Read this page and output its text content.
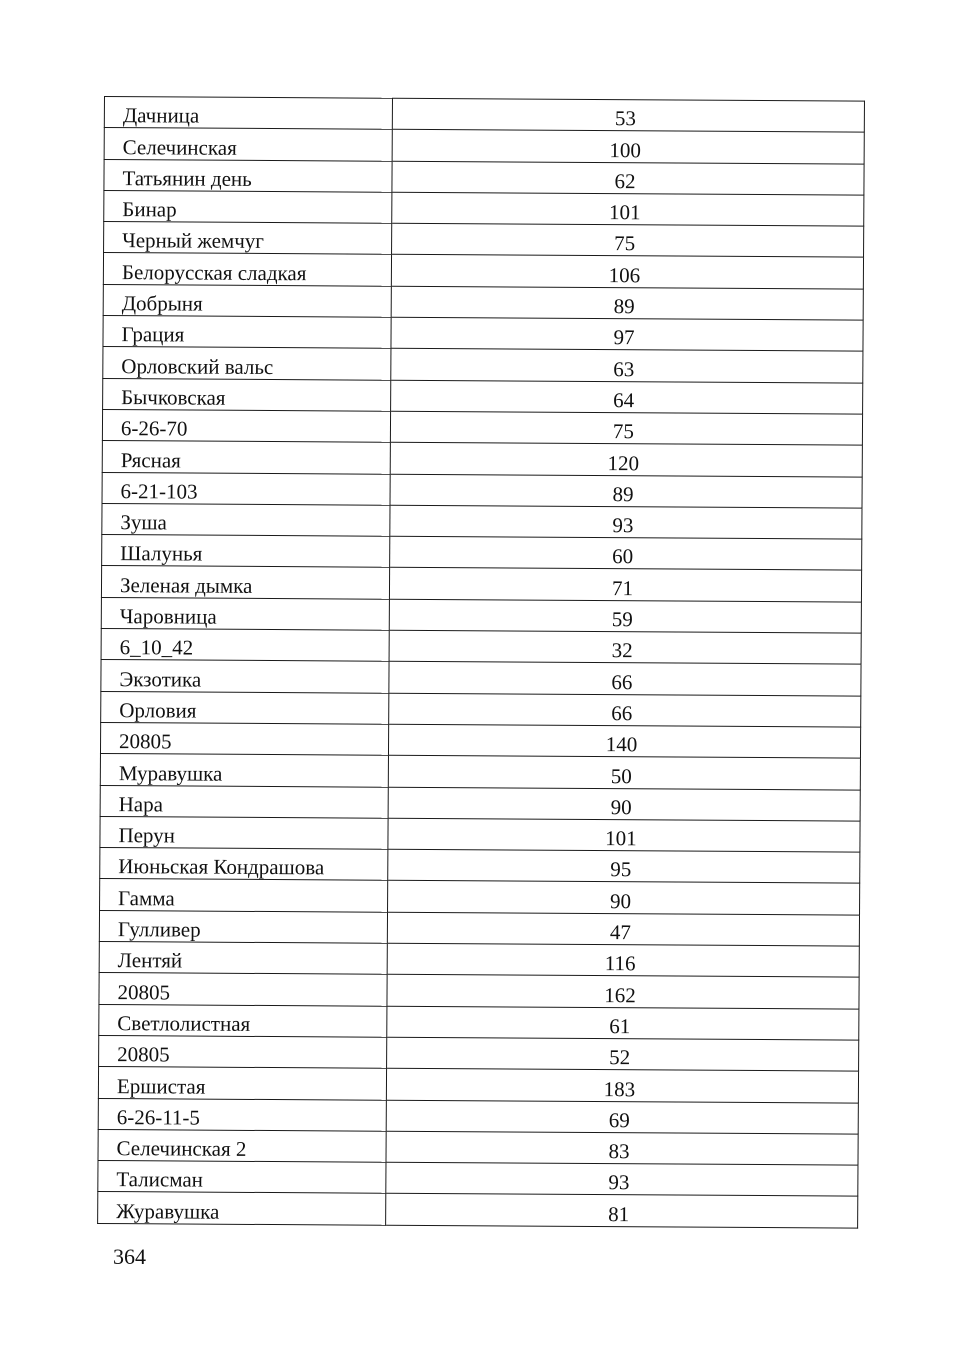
Дачница	53
Селечинская	100
Татьянин день	62
Бинар	101
Черный жемчуг	75
Белорусская сладкая	106
Добрыня	89
Грация	97
Орловский вальс	63
Бычковская	64
6-26-70	75
Рясная	120
6-21-103	89
Зуша	93
Шалунья	60
Зеленая дымка	71
Чаровница	59
6_10_42	32
Экзотика	66
Орловия	66
20805	140
Муравушка	50
Нара	90
Перун	101
Июньская Кондрашова	95
Гамма	90
Гулливер	47
Лентяй	116
20805	162
Светлолистная	61
20805	52
Ершистая	183
6-26-11-5	69
Селечинская 2	83
Талисман	93
Журавушка	81
364
